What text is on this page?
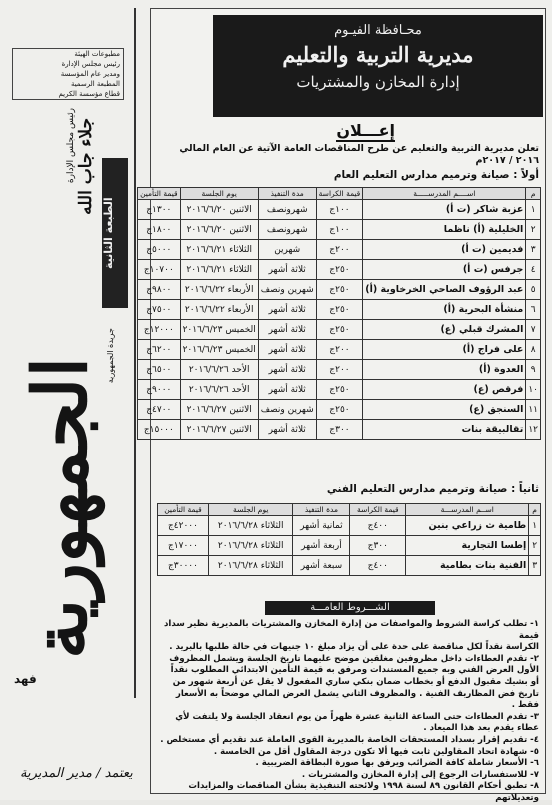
مطبوعات الهيئة
رئيس مجلس الإدارة
ومدير عام المؤسسة
المطبعة الرسمية
قطاع مؤسسة الكريم
رئيس مجلس الإدارة جلاء جاب الله
الطبعة الثانية
جريدة الجمهورية
الجمهورية
فهد
محـافظة الفيـوم
مديرية التربية والتعليم
إدارة المخازن والمشتريات
إعـــلان
تعلن مديرية التربية والتعليم عن طرح المناقصات العامة الآتية عن العام المالي ٢٠١٦ / ٢٠١٧م
أولاً : صيانة وترميم مدارس التعليم العام
م	اســــم المدرســـــة	قيمة الكراسة	مدة التنفيذ	يوم الجلسة	قيمة التأمين
١	عزبة شاكر (ت أ)	١٠٠ج	شهرونصف	الاثنين ٢٠١٦/٦/٢٠	١٣٠٠ج
٢	الخليلية (أ) ناظما	١٠٠ج	شهرونصف	الاثنين ٢٠١٦/٦/٢٠	١٨٠٠ج
٣	فديمين (ت أ)	٢٠٠ج	شهرين	الثلاثاء ٢٠١٦/٦/٢١	٥٠٠٠ج
٤	جرفس (ت أ)	٢٥٠ج	ثلاثة أشهر	الثلاثاء ٢٠١٦/٦/٢١	١٠٧٠٠ج
٥	عبد الرؤوف الصاحي الخرخاوية (أ)	٢٥٠ج	شهرين ونصف	الأربعاء ٢٠١٦/٦/٢٢	٩٨٠٠ج
٦	منشأة البحرية (أ)	٢٥٠ج	ثلاثة أشهر	الأربعاء ٢٠١٦/٦/٢٢	٧٥٠٠ج
٧	المشرك قبلي (ع)	٢٥٠ج	ثلاثة أشهر	الخميس ٢٠١٦/٦/٢٣	١٢٠٠٠ج
٨	على فراج (أ)	٢٠٠ج	ثلاثة أشهر	الخميس ٢٠١٦/٦/٢٣	٦٢٠٠ج
٩	العدوة (أ)	٢٠٠ج	ثلاثة أشهر	الأحد ٢٠١٦/٦/٢٦	٦٥٠٠ج
١٠	فرقص (ع)	٢٥٠ج	ثلاثة أشهر	الأحد ٢٠١٦/٦/٢٦	٩٠٠٠ج
١١	السنجق (ع)	٢٥٠ج	شهرين ونصف	الاثنين ٢٠١٦/٦/٢٧	٤٧٠٠ج
١٢	تقالبيقة بنات	٣٠٠ج	ثلاثة أشهر	الاثنين ٢٠١٦/٦/٢٧	١٥٠٠٠ج
ثانياً : صيانة وترميم مدارس التعليم الفني
م	اســم المدرســـة	قيمة الكراسة	مدة التنفيذ	يوم الجلسة	قيمة التأمين
١	طامية ث زراعي بنين	٤٠٠ج	ثمانية أشهر	الثلاثاء ٢٠١٦/٦/٢٨	٤٢٠٠٠ج
٢	إطسا التجارية	٣٠٠ج	أربعة أشهر	الثلاثاء ٢٠١٦/٦/٢٨	١٧٠٠٠ج
٣	الفنية بنات بطامية	٤٠٠ج	سبعة أشهر	الثلاثاء ٢٠١٦/٦/٢٨	٣٠٠٠٠ج
الشـــروط العامـــة

١- تطلب كراسة الشروط والمواصفات من إدارة المخازن والمشتريات بالمديرية نظير سداد قيمة

الكراسة نقداً لكل مناقصة على حدة على أن يزاد مبلغ ١٠ جنيهات في حالة طلبها بالبريد .

٢- تقدم العطاءات داخل مظروفين مغلقين موضح عليهما تاريخ الجلسة ويشمل المظروف

الأول العرض الفني وبه جميع المستندات ومرفق به قيمة التأمين الابتدائي المطلوب نقداً

أو بشيك مقبول الدفع أو بخطاب ضمان بنكي ساري المفعول لا يقل عن أربعة شهور من

تاريخ فض المظاريف الفنية . والمظروف الثاني يشمل العرض المالي موضحاً به الأسعار فقط .

٣- تقدم العطاءات حتى الساعة الثانية عشرة ظهراً من يوم انعقاد الجلسة ولا يلتفت لأي

عطاء يقدم بعد هذا الميعاد .

٤- تقديم إقرار بسداد المستحقات الخاصة بالمديرية القوى العاملة عند تقديم أي مستخلص .

٥- شهادة اتحاد المقاولين ثابت فيها ألا تكون درجة المقاول أقل من الخامسة .

٦- الأسعار شاملة كافة الضرائب ويرفق بها صورة البطاقة الضريبية .

٧- للاستفسارات الرجوع إلى إدارة المخازن والمشتريات .

٨- تطبق أحكام القانون ٨٩ لسنة ١٩٩٨ ولائحته التنفيذية بشأن المناقصات والمزايدات وتعديلاتهم

يعتمد / مدير المديرية
